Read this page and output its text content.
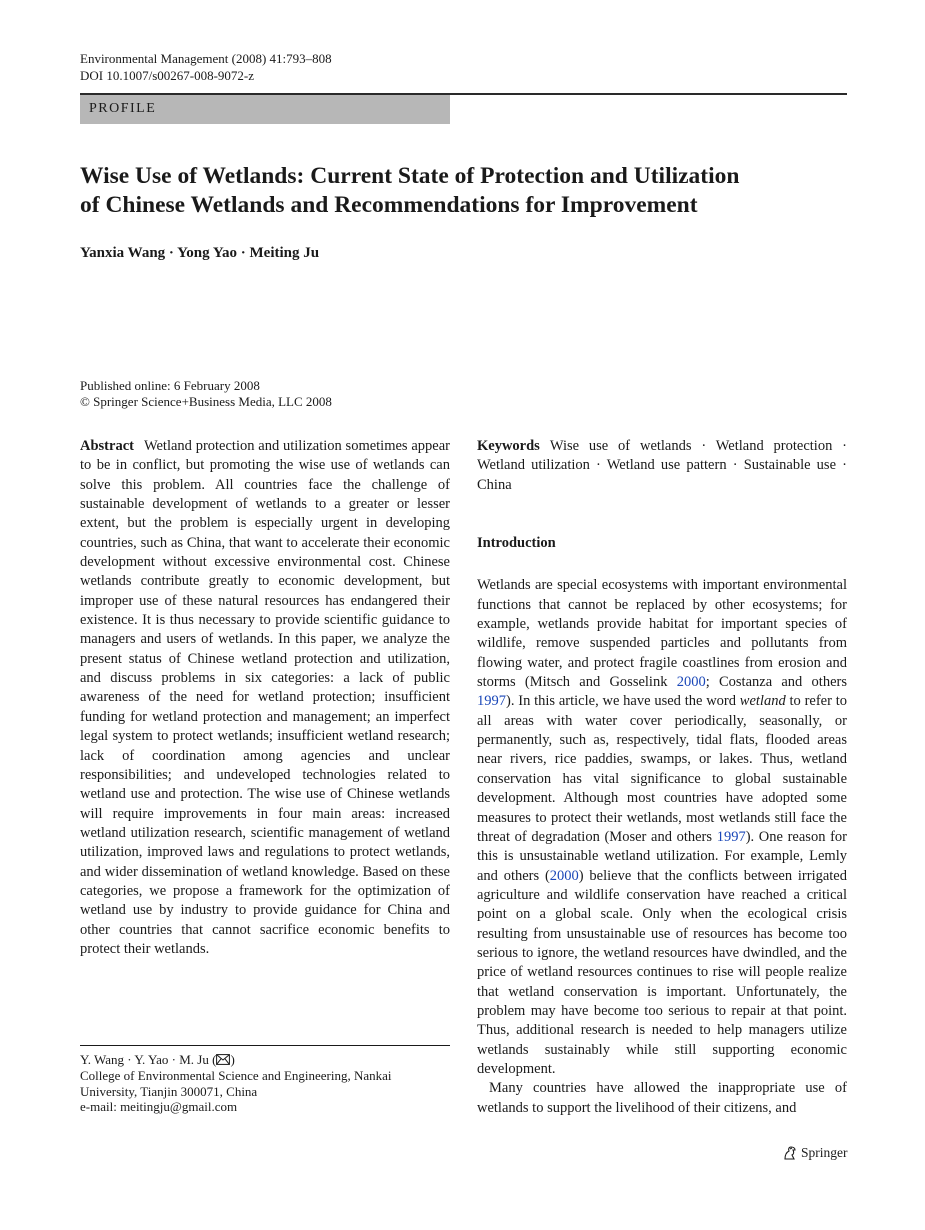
Environmental Management (2008) 41:793–808
DOI 10.1007/s00267-008-9072-z
PROFILE
Wise Use of Wetlands: Current State of Protection and Utilization
of Chinese Wetlands and Recommendations for Improvement
Yanxia Wang · Yong Yao · Meiting Ju
Published online: 6 February 2008
© Springer Science+Business Media, LLC 2008

Abstract Wetland protection and utilization sometimes appear to be in conflict, but promoting the wise use of wetlands can solve this problem. All countries face the challenge of sustainable development of wetlands to a greater or lesser extent, but the problem is especially urgent in developing countries, such as China, that want to accelerate their economic development without excessive environmental cost. Chinese wetlands contribute greatly to economic development, but improper use of these natural resources has endangered their existence. It is thus necessary to provide scientific guidance to managers and users of wetlands. In this paper, we analyze the present status of Chinese wetland protection and utilization, and discuss problems in six categories: a lack of public awareness of the need for wetland protection; insufficient funding for wetland protection and management; an imperfect legal system to protect wetlands; insufficient wetland research; lack of coordination among agencies and unclear responsibilities; and undeveloped technologies related to wetland use and protection. The wise use of Chinese wetlands will require improvements in four main areas: increased wetland utilization research, scientific management of wetland utilization, improved laws and regulations to protect wetlands, and wider dissemination of wetland knowledge. Based on these categories, we propose a framework for the optimization of wetland use by industry to provide guidance for China and other countries that cannot sacrifice economic benefits to protect their wetlands.

Keywords Wise use of wetlands · Wetland protection · Wetland utilization · Wetland use pattern · Sustainable use · China

Introduction

Wetlands are special ecosystems with important environmental functions that cannot be replaced by other ecosystems; for example, wetlands provide habitat for important species of wildlife, remove suspended particles and pollutants from flowing water, and protect fragile coastlines from erosion and storms (Mitsch and Gosselink 2000; Costanza and others 1997). In this article, we have used the word wetland to refer to all areas with water cover periodically, seasonally, or permanently, such as, respectively, tidal flats, flooded areas near rivers, rice paddies, swamps, or lakes. Thus, wetland conservation has vital significance to global sustainable development. Although most countries have adopted some measures to protect their wetlands, most wetlands still face the threat of degradation (Moser and others 1997). One reason for this is unsustainable wetland utilization. For example, Lemly and others (2000) believe that the conflicts between irrigated agriculture and wildlife conservation have reached a critical point on a global scale. Only when the ecological crisis resulting from unsustainable use of resources has become too serious to ignore, the wetland resources have dwindled, and the price of wetland resources continues to rise will people realize that wetland conservation is important. Unfortunately, the problem may have become too serious to repair at that point. Thus, additional research is needed to help managers utilize wetlands sustainably while still supporting economic development.

Many countries have allowed the inappropriate use of wetlands to support the livelihood of their citizens, and

Y. Wang · Y. Yao · M. Ju ( )
College of Environmental Science and Engineering, Nankai University, Tianjin 300071, China
e-mail: meitingju@gmail.com
Springer
